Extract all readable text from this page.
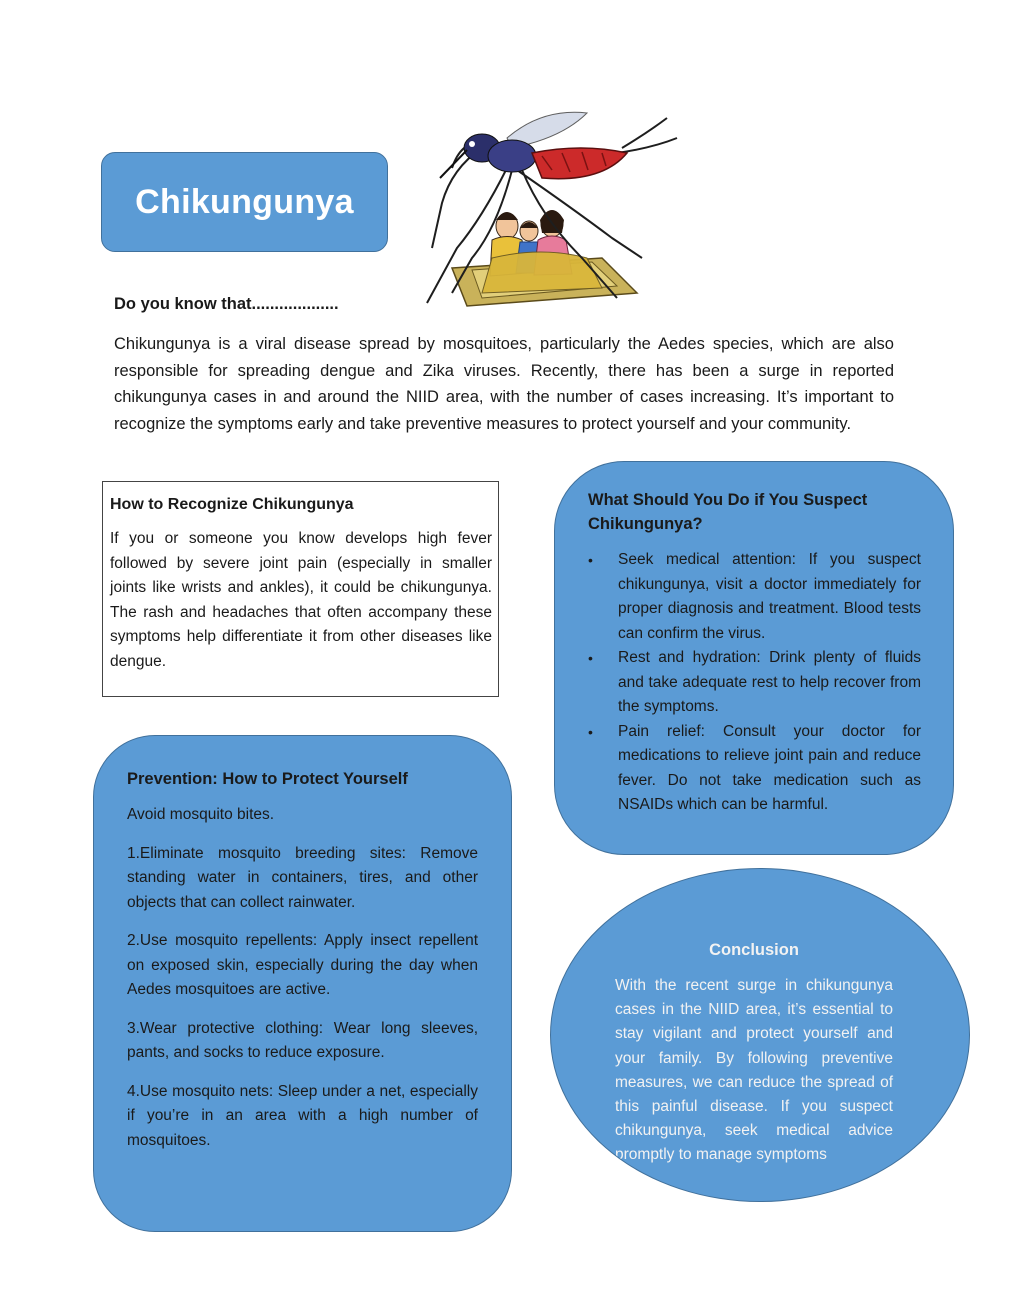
Chikungunya
Do you know that...................
Chikungunya is a viral disease spread by mosquitoes, particularly the Aedes species, which are also responsible for spreading dengue and Zika viruses. Recently, there has been a surge in reported chikungunya cases in and around the NIID area, with the number of cases increasing. It’s important to recognize the symptoms early and take preventive measures to protect yourself and your community.
How to Recognize Chikungunya

If you or someone you know develops high fever followed by severe joint pain (especially in smaller joints like wrists and ankles), it could be chikungunya. The rash and headaches that often accompany these symptoms help differentiate it from other diseases like dengue.

What Should You Do if You Suspect Chikungunya?
• Seek medical attention: If you suspect chikungunya, visit a doctor immediately for proper diagnosis and treatment. Blood tests can confirm the virus.
• Rest and hydration: Drink plenty of fluids and take adequate rest to help recover from the symptoms.
• Pain relief: Consult your doctor for medications to relieve joint pain and reduce fever. Do not take medication such as NSAIDs which can be harmful.
Prevention: How to Protect Yourself

Avoid mosquito bites.

1.Eliminate mosquito breeding sites: Remove standing water in containers, tires, and other objects that can collect rainwater.

2.Use mosquito repellents: Apply insect repellent on exposed skin, especially during the day when Aedes mosquitoes are active.

3.Wear protective clothing: Wear long sleeves, pants, and socks to reduce exposure.

4.Use mosquito nets: Sleep under a net, especially if you’re in an area with a high number of mosquitoes.

Conclusion

With the recent surge in chikungunya cases in the NIID area, it’s essential to stay vigilant and protect yourself and your family. By following preventive measures, we can reduce the spread of this painful disease. If you suspect chikungunya, seek medical advice promptly to manage symptoms
